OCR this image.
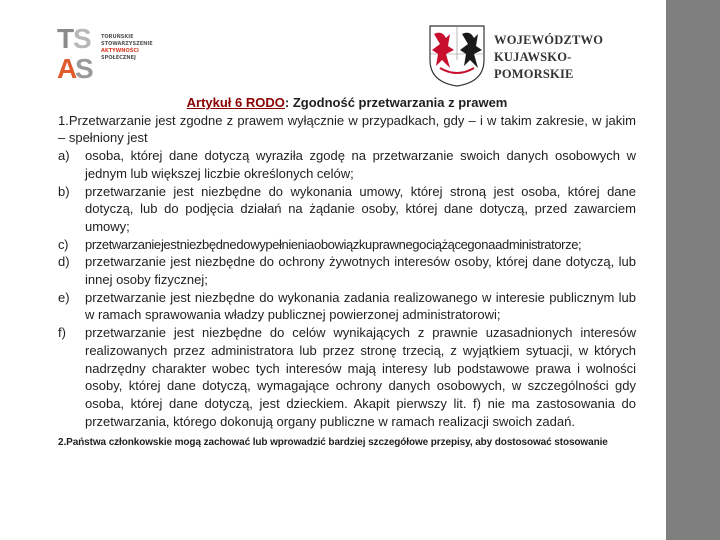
T
S
A
S
TORUŃSKIE
STOWARZYSZENIE
AKTYWNOŚCI
SPOŁECZNEJ
WOJEWÓDZTWO
KUJAWSKO-POMORSKIE
Artykuł 6 RODO: Zgodność przetwarzania z prawem
1.Przetwarzanie jest zgodne z prawem wyłącznie w przypadkach, gdy – i w takim zakresie, w jakim – spełniony jest
a) osoba, której dane dotyczą wyraziła zgodę na przetwarzanie swoich danych osobowych w jednym lub większej liczbie określonych celów;
b) przetwarzanie jest niezbędne do wykonania umowy, której stroną jest osoba, której dane dotyczą, lub do podjęcia działań na żądanie osoby, której dane dotyczą, przed zawarciem umowy;
c) przetwarzanie jest niezbędne do wypełnienia obowiązku prawnego ciążącego na administratorze;
d) przetwarzanie jest niezbędne do ochrony żywotnych interesów osoby, której dane dotyczą, lub innej osoby fizycznej;
e) przetwarzanie jest niezbędne do wykonania zadania realizowanego w interesie publicznym lub w ramach sprawowania władzy publicznej powierzonej administratorowi;
f) przetwarzanie jest niezbędne do celów wynikających z prawnie uzasadnionych interesów realizowanych przez administratora lub przez stronę trzecią, z wyjątkiem sytuacji, w których nadrzędny charakter wobec tych interesów mają interesy lub podstawowe prawa i wolności osoby, której dane dotyczą, wymagające ochrony danych osobowych, w szczególności gdy osoba, której dane dotyczą, jest dzieckiem. Akapit pierwszy lit. f) nie ma zastosowania do przetwarzania, którego dokonują organy publiczne w ramach realizacji swoich zadań.
2.Państwa członkowskie mogą zachować lub wprowadzić bardziej szczegółowe przepisy, aby dostosować stosowanie
